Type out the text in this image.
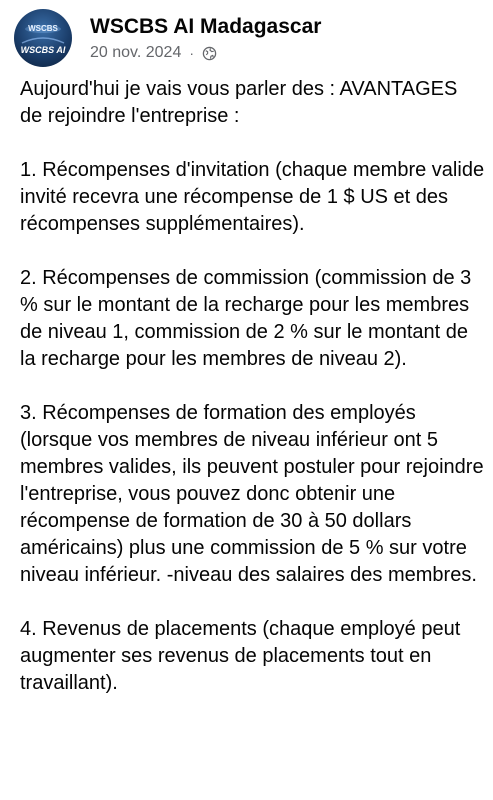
WSCBS
WSCBS AI
WSCBS AI Madagascar
20 nov. 2024 ·

Aujourd'hui je vais vous parler des : AVANTAGES de rejoindre l'entreprise :

1. Récompenses d'invitation (chaque membre valide invité recevra une récompense de 1 $ US et des récompenses supplémentaires).

2. Récompenses de commission (commission de 3 % sur le montant de la recharge pour les membres de niveau 1, commission de 2 % sur le montant de la recharge pour les membres de niveau 2).

3. Récompenses de formation des employés (lorsque vos membres de niveau inférieur ont 5 membres valides, ils peuvent postuler pour rejoindre l'entreprise, vous pouvez donc obtenir une récompense de formation de 30 à 50 dollars américains) plus une commission de 5 % sur votre niveau inférieur. -niveau des salaires des membres.

4. Revenus de placements (chaque employé peut augmenter ses revenus de placements tout en travaillant).
